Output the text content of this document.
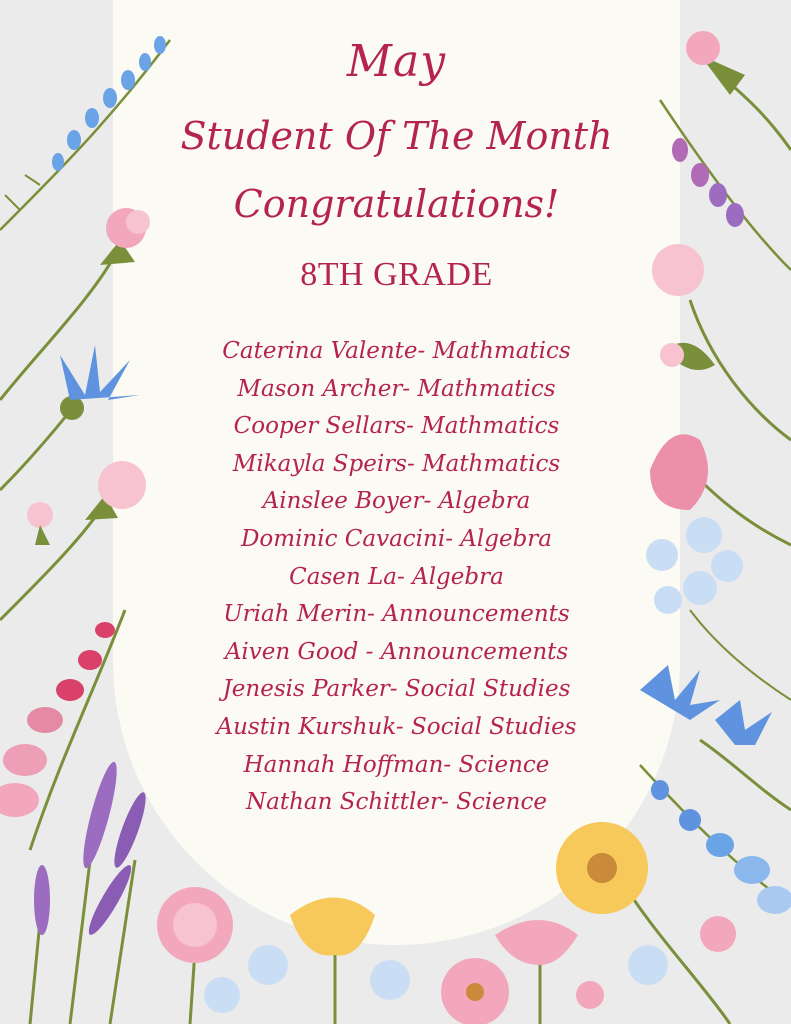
May
Student Of The Month
Congratulations!
8TH GRADE
Caterina Valente- Mathmatics
Mason Archer- Mathmatics
Cooper Sellars- Mathmatics
Mikayla Speirs- Mathmatics
Ainslee Boyer- Algebra
Dominic Cavacini- Algebra
Casen La- Algebra
Uriah Merin- Announcements
Aiven Good - Announcements
Jenesis Parker- Social Studies
Austin Kurshuk- Social Studies
Hannah Hoffman- Science
Nathan Schittler- Science
